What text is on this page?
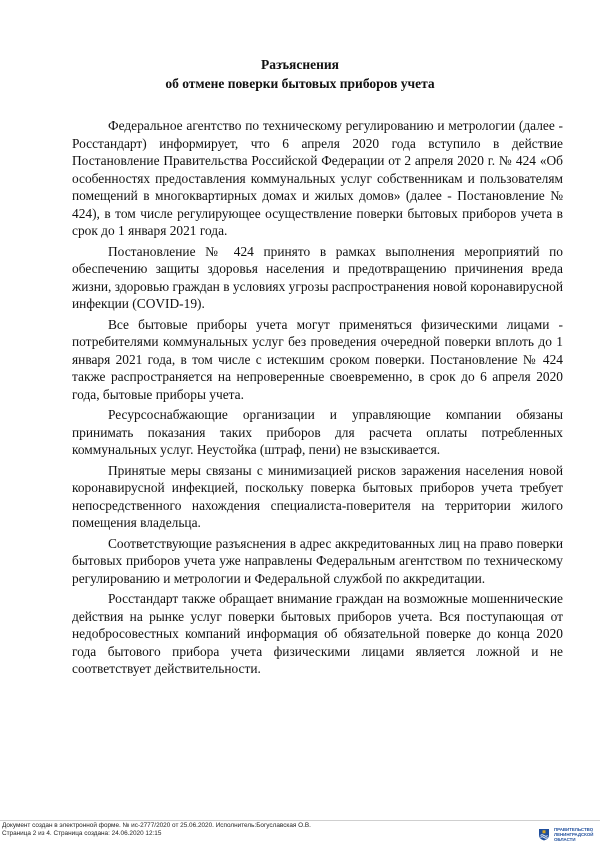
Разъяснения
об отмене поверки бытовых приборов учета

Федеральное агентство по техническому регулированию и метрологии (далее - Росстандарт) информирует, что 6 апреля 2020 года вступило в действие Постановление Правительства Российской Федерации от 2 апреля 2020 г. № 424 «Об особенностях предоставления коммунальных услуг собственникам и пользователям помещений в многоквартирных домах и жилых домов» (далее - Постановление № 424), в том числе регулирующее осуществление поверки бытовых приборов учета в срок до 1 января 2021 года.

Постановление № 424 принято в рамках выполнения мероприятий по обеспечению защиты здоровья населения и предотвращению причинения вреда жизни, здоровью граждан в условиях угрозы распространения новой коронавирусной инфекции (COVID-19).

Все бытовые приборы учета могут применяться физическими лицами - потребителями коммунальных услуг без проведения очередной поверки вплоть до 1 января 2021 года, в том числе с истекшим сроком поверки. Постановление № 424 также распространяется на непроверенные своевременно, в срок до 6 апреля 2020 года, бытовые приборы учета.

Ресурсоснабжающие организации и управляющие компании обязаны принимать показания таких приборов для расчета оплаты потребленных коммунальных услуг. Неустойка (штраф, пени) не взыскивается.

Принятые меры связаны с минимизацией рисков заражения населения новой коронавирусной инфекцией, поскольку поверка бытовых приборов учета требует непосредственного нахождения специалиста-поверителя на территории жилого помещения владельца.

Соответствующие разъяснения в адрес аккредитованных лиц на право поверки бытовых приборов учета уже направлены Федеральным агентством по техническому регулированию и метрологии и Федеральной службой по аккредитации.

Росстандарт также обращает внимание граждан на возможные мошеннические действия на рынке услуг поверки бытовых приборов учета. Вся поступающая от недобросовестных компаний информация об обязательной поверке до конца 2020 года бытового прибора учета физическими лицами является ложной и не соответствует действительности.

Документ создан в электронной форме. № ис-2777/2020 от 25.06.2020. Исполнитель:Богуславская О.В.
Страница 2 из 4. Страница создана: 24.06.2020 12:15
ПРАВИТЕЛЬСТВО
ЛЕНИНГРАДСКОЙ
ОБЛАСТИ
